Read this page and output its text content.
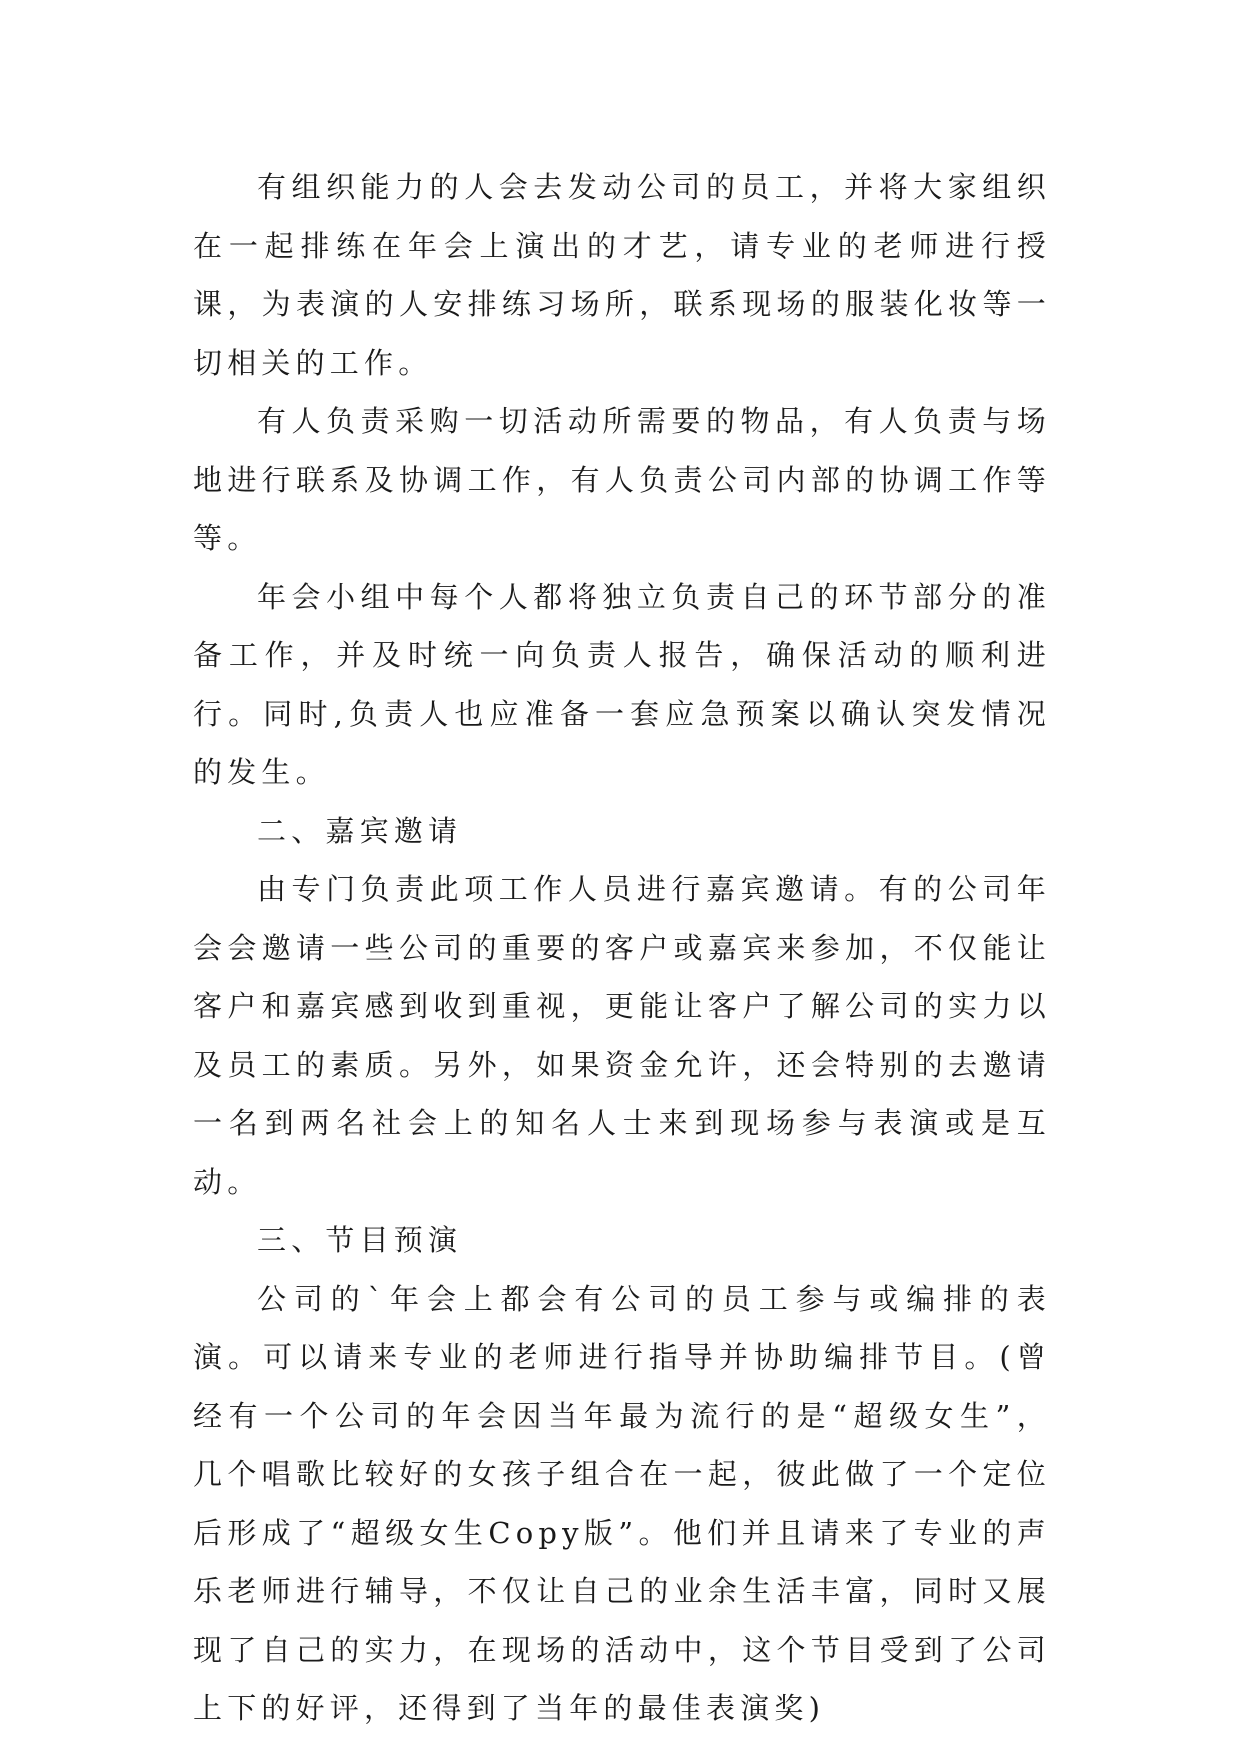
有组织能力的人会去发动公司的员工，并将大家组织在一起排练在年会上演出的才艺，请专业的老师进行授课，为表演的人安排练习场所，联系现场的服装化妆等一切相关的工作。

有人负责采购一切活动所需要的物品，有人负责与场地进行联系及协调工作，有人负责公司内部的协调工作等等。

年会小组中每个人都将独立负责自己的环节部分的准备工作，并及时统一向负责人报告，确保活动的顺利进行。同时,负责人也应准备一套应急预案以确认突发情况的发生。

二、嘉宾邀请

由专门负责此项工作人员进行嘉宾邀请。有的公司年会会邀请一些公司的重要的客户或嘉宾来参加，不仅能让客户和嘉宾感到收到重视，更能让客户了解公司的实力以及员工的素质。另外，如果资金允许，还会特别的去邀请一名到两名社会上的知名人士来到现场参与表演或是互动。

三、节目预演

公司的`年会上都会有公司的员工参与或编排的表演。可以请来专业的老师进行指导并协助编排节目。(曾经有一个公司的年会因当年最为流行的是“超级女生”，几个唱歌比较好的女孩子组合在一起，彼此做了一个定位后形成了“超级女生Copy版”。他们并且请来了专业的声乐老师进行辅导，不仅让自己的业余生活丰富，同时又展现了自己的实力，在现场的活动中，这个节目受到了公司上下的好评，还得到了当年的最佳表演奖)
